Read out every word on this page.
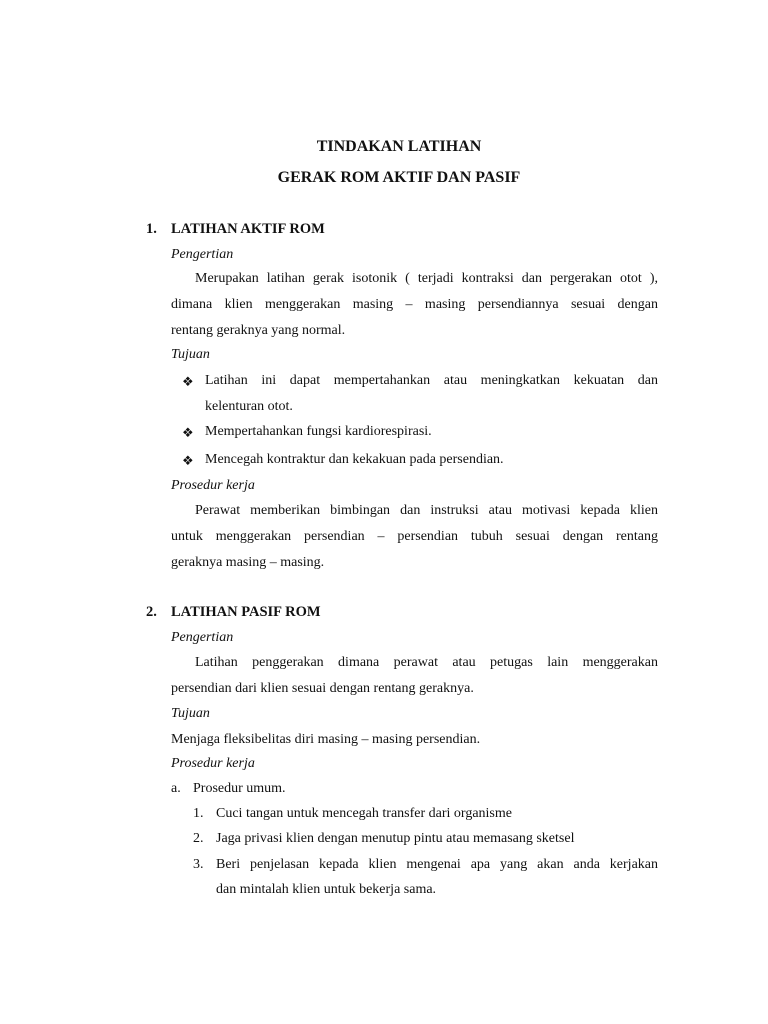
TINDAKAN LATIHAN
GERAK ROM AKTIF DAN PASIF
1. LATIHAN AKTIF ROM
Pengertian
Merupakan latihan gerak isotonik ( terjadi kontraksi dan pergerakan otot ),
dimana klien menggerakan masing – masing persendiannya sesuai dengan
rentang geraknya yang normal.
Tujuan
❖ Latihan ini dapat mempertahankan atau meningkatkan kekuatan dan
kelenturan otot.
❖ Mempertahankan fungsi kardiorespirasi.
❖ Mencegah kontraktur dan kekakuan pada persendian.
Prosedur kerja
Perawat memberikan bimbingan dan instruksi atau motivasi kepada klien
untuk menggerakan persendian – persendian tubuh sesuai dengan rentang
geraknya masing – masing.
2. LATIHAN PASIF ROM
Pengertian
Latihan penggerakan dimana perawat atau petugas lain menggerakan
persendian dari klien sesuai dengan rentang geraknya.
Tujuan
Menjaga fleksibelitas diri masing – masing persendian.
Prosedur kerja
a. Prosedur umum.
1. Cuci tangan untuk mencegah transfer dari organisme
2. Jaga privasi klien dengan menutup pintu atau memasang sketsel
3. Beri penjelasan kepada klien mengenai apa yang akan anda kerjakan
dan mintalah klien untuk bekerja sama.
